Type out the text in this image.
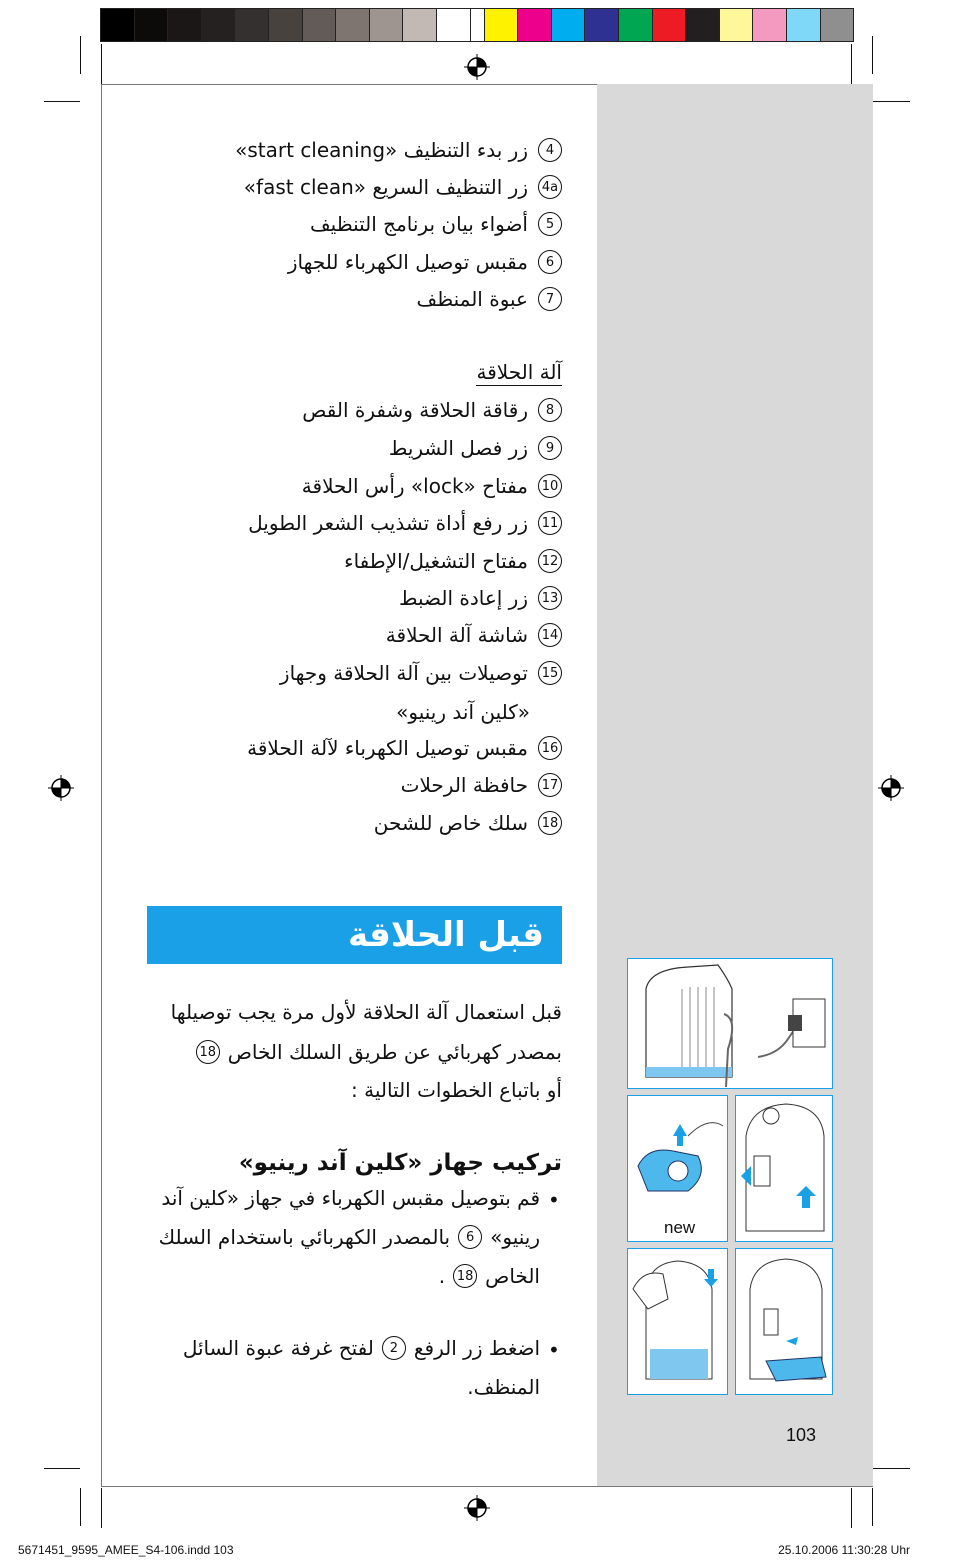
4
زر بدء التنظيف «start cleaning»
4a
زر التنظيف السريع «fast clean»
5
أضواء بيان برنامج التنظيف
6
مقبس توصيل الكهرباء للجهاز
7
عبوة المنظف
آلة الحلاقة
8
رقاقة الحلاقة وشفرة القص
9
زر فصل الشريط
10
مفتاح «lock» رأس الحلاقة
11
زر رفع أداة تشذيب الشعر الطويل
12
مفتاح التشغيل/الإطفاء
13
زر إعادة الضبط
14
شاشة آلة الحلاقة
15
توصيلات بين آلة الحلاقة وجهاز
«كلين آند رينيو»
16
مقبس توصيل الكهرباء لآلة الحلاقة
17
حافظة الرحلات
18
سلك خاص للشحن
قبل الحلاقة
قبل استعمال آلة الحلاقة لأول مرة يجب توصيلها
بمصدر كهربائي عن طريق السلك الخاص
18
أو باتباع الخطوات التالية :
تركيب جهاز «كلين آند رينيو»
•
قم بتوصيل مقبس الكهرباء في جهاز «كلين آند
رينيو»
6
بالمصدر الكهربائي باستخدام السلك
الخاص
18
.
•
اضغط زر الرفع
2
لفتح غرفة عبوة السائل
المنظف.
new
103
5671451_9595_AMEE_S4-106.indd 103	25.10.2006 11:30:28 Uhr
